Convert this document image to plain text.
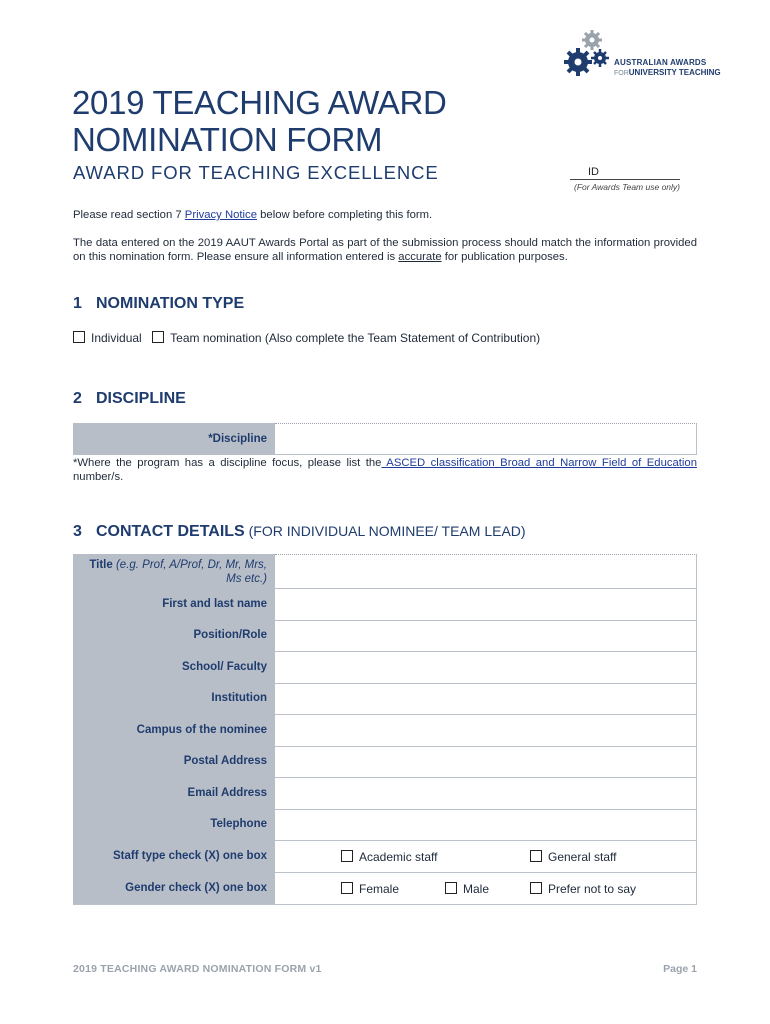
AUSTRALIAN AWARDS
FORUNIVERSITY TEACHING
2019 TEACHING AWARD
NOMINATION FORM
AWARD FOR TEACHING EXCELLENCE	ID
(For Awards Team use only)
Please read section 7 Privacy Notice below before completing this form.
The data entered on the 2019 AAUT Awards Portal as part of the submission process should match the information provided on this nomination form. Please ensure all information entered is accurate for publication purposes.
1 NOMINATION TYPE
Individual Team nomination (Also complete the Team Statement of Contribution)
2 DISCIPLINE
*Discipline
*Where the program has a discipline focus, please list the ASCED classification Broad and Narrow Field of Education number/s.
3 CONTACT DETAILS (FOR INDIVIDUAL NOMINEE/ TEAM LEAD)
Title (e.g. Prof, A/Prof, Dr, Mr, Mrs, Ms etc.)
First and last name
Position/Role
School/ Faculty
Institution
Campus of the nominee
Postal Address
Email Address
Telephone
Staff type check (X) one box	Academic staff	General staff
Gender check (X) one box	Female	Male	Prefer not to say
2019 TEACHING AWARD NOMINATION FORM v1	Page 1
